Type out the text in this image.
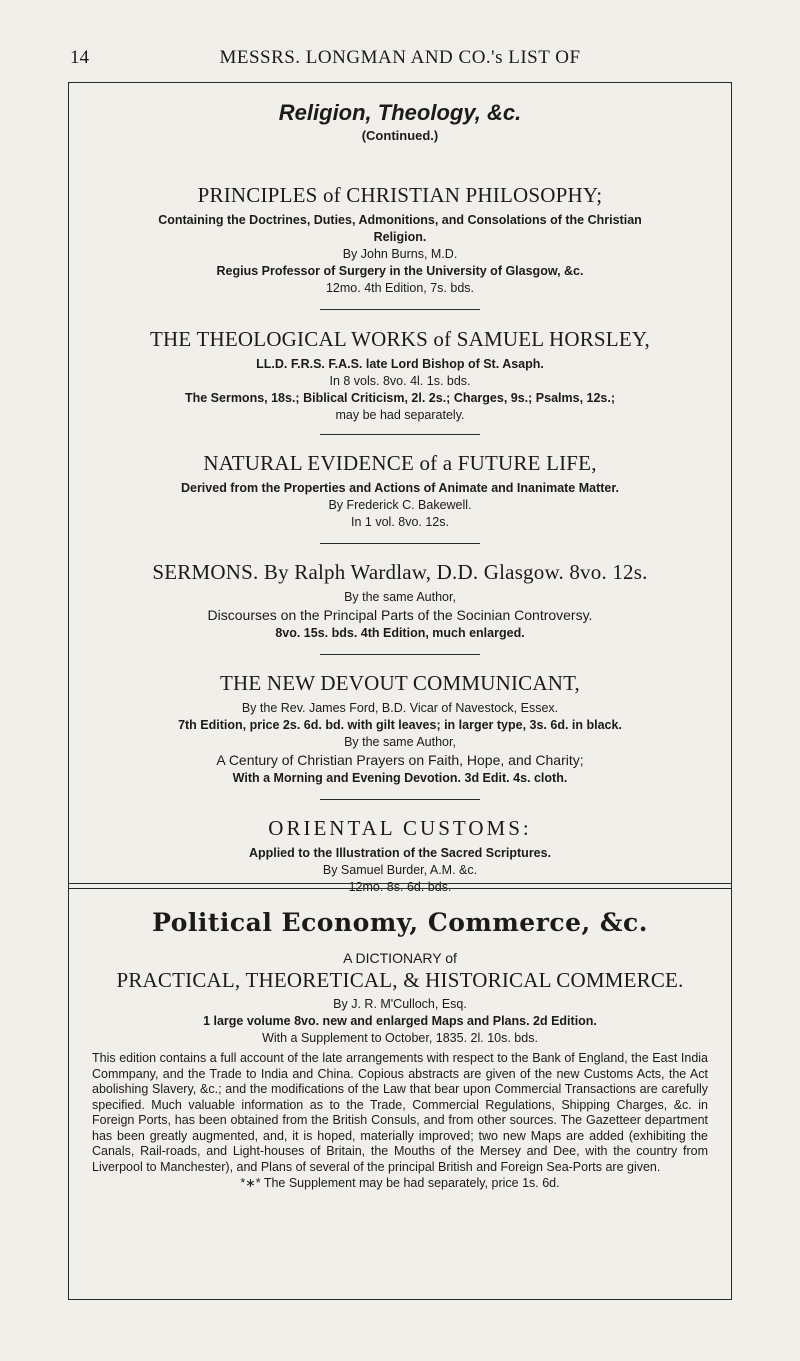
14	MESSRS. LONGMAN AND CO.'s LIST OF
Religion, Theology, &c.
(Continued.)
PRINCIPLES of CHRISTIAN PHILOSOPHY;
Containing the Doctrines, Duties, Admonitions, and Consolations of the Christian
Religion.
By John Burns, M.D.
Regius Professor of Surgery in the University of Glasgow, &c.
12mo. 4th Edition, 7s. bds.
THE THEOLOGICAL WORKS of SAMUEL HORSLEY,
LL.D. F.R.S. F.A.S. late Lord Bishop of St. Asaph.
In 8 vols. 8vo. 4l. 1s. bds.
The Sermons, 18s.; Biblical Criticism, 2l. 2s.; Charges, 9s.; Psalms, 12s.;
may be had separately.
NATURAL EVIDENCE of a FUTURE LIFE,
Derived from the Properties and Actions of Animate and Inanimate Matter.
By Frederick C. Bakewell.
In 1 vol. 8vo. 12s.
SERMONS. By Ralph Wardlaw, D.D. Glasgow. 8vo. 12s.
By the same Author,
Discourses on the Principal Parts of the Socinian Controversy.
8vo. 15s. bds. 4th Edition, much enlarged.
THE NEW DEVOUT COMMUNICANT,
By the Rev. James Ford, B.D. Vicar of Navestock, Essex.
7th Edition, price 2s. 6d. bd. with gilt leaves; in larger type, 3s. 6d. in black.
By the same Author,
A Century of Christian Prayers on Faith, Hope, and Charity;
With a Morning and Evening Devotion. 3d Edit. 4s. cloth.
ORIENTAL CUSTOMS:
Applied to the Illustration of the Sacred Scriptures.
By Samuel Burder, A.M. &c.
12mo. 8s. 6d. bds.
Political Economy, Commerce, &c.
A DICTIONARY of
PRACTICAL, THEORETICAL, & HISTORICAL COMMERCE.
By J. R. M'Culloch, Esq.
1 large volume 8vo. new and enlarged Maps and Plans. 2d Edition.
With a Supplement to October, 1835. 2l. 10s. bds.
This edition contains a full account of the late arrangements with respect to the Bank of England, the East India Commpany, and the Trade to India and China. Copious abstracts are given of the new Customs Acts, the Act abolishing Slavery, &c.; and the modifications of the Law that bear upon Commercial Transactions are carefully specified. Much valuable information as to the Trade, Commercial Regulations, Shipping Charges, &c. in Foreign Ports, has been obtained from the British Consuls, and from other sources. The Gazetteer department has been greatly augmented, and, it is hoped, materially improved; two new Maps are added (exhibiting the Canals, Rail-roads, and Light-houses of Britain, the Mouths of the Mersey and Dee, with the country from Liverpool to Manchester), and Plans of several of the principal British and Foreign Sea-Ports are given.
*∗* The Supplement may be had separately, price 1s. 6d.
